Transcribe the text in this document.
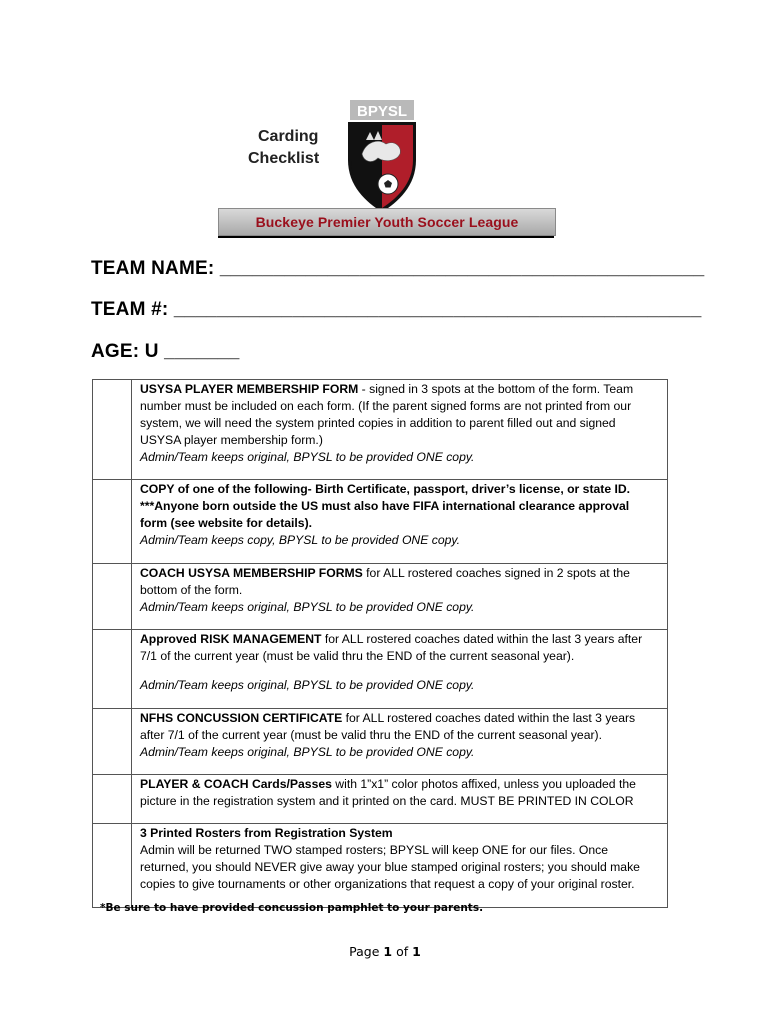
Carding
Checklist
BPYSL
Buckeye Premier Youth Soccer League
TEAM NAME: _____________________________________________
TEAM #: _________________________________________________
AGE: U _______

	USYSA PLAYER MEMBERSHIP FORM - signed in 3 spots at the bottom of the form. Team number must be included on each form. (If the parent signed forms are not printed from our system, we will need the system printed copies in addition to parent filled out and signed USYSA player membership form.)

Admin/Team keeps original, BPYSL to be provided ONE copy.

	COPY of one of the following- Birth Certificate, passport, driver’s license, or state ID. ***Anyone born outside the US must also have FIFA international clearance approval form (see website for details).

Admin/Team keeps copy, BPYSL to be provided ONE copy.

	COACH USYSA MEMBERSHIP FORMS for ALL rostered coaches signed in 2 spots at the bottom of the form.

Admin/Team keeps original, BPYSL to be provided ONE copy.

	Approved RISK MANAGEMENT for ALL rostered coaches dated within the last 3 years after 7/1 of the current year (must be valid thru the END of the current seasonal year).

Admin/Team keeps original, BPYSL to be provided ONE copy.

	NFHS CONCUSSION CERTIFICATE for ALL rostered coaches dated within the last 3 years after 7/1 of the current year (must be valid thru the END of the current seasonal year).

Admin/Team keeps original, BPYSL to be provided ONE copy.

	PLAYER & COACH Cards/Passes with 1”x1” color photos affixed, unless you uploaded the picture in the registration system and it printed on the card. MUST BE PRINTED IN COLOR

	3 Printed Rosters from Registration System

Admin will be returned TWO stamped rosters; BPYSL will keep ONE for our files. Once returned, you should NEVER give away your blue stamped original rosters; you should make copies to give tournaments or other organizations that request a copy of your original roster.

*Be sure to have provided concussion pamphlet to your parents.
Page 1 of 1
